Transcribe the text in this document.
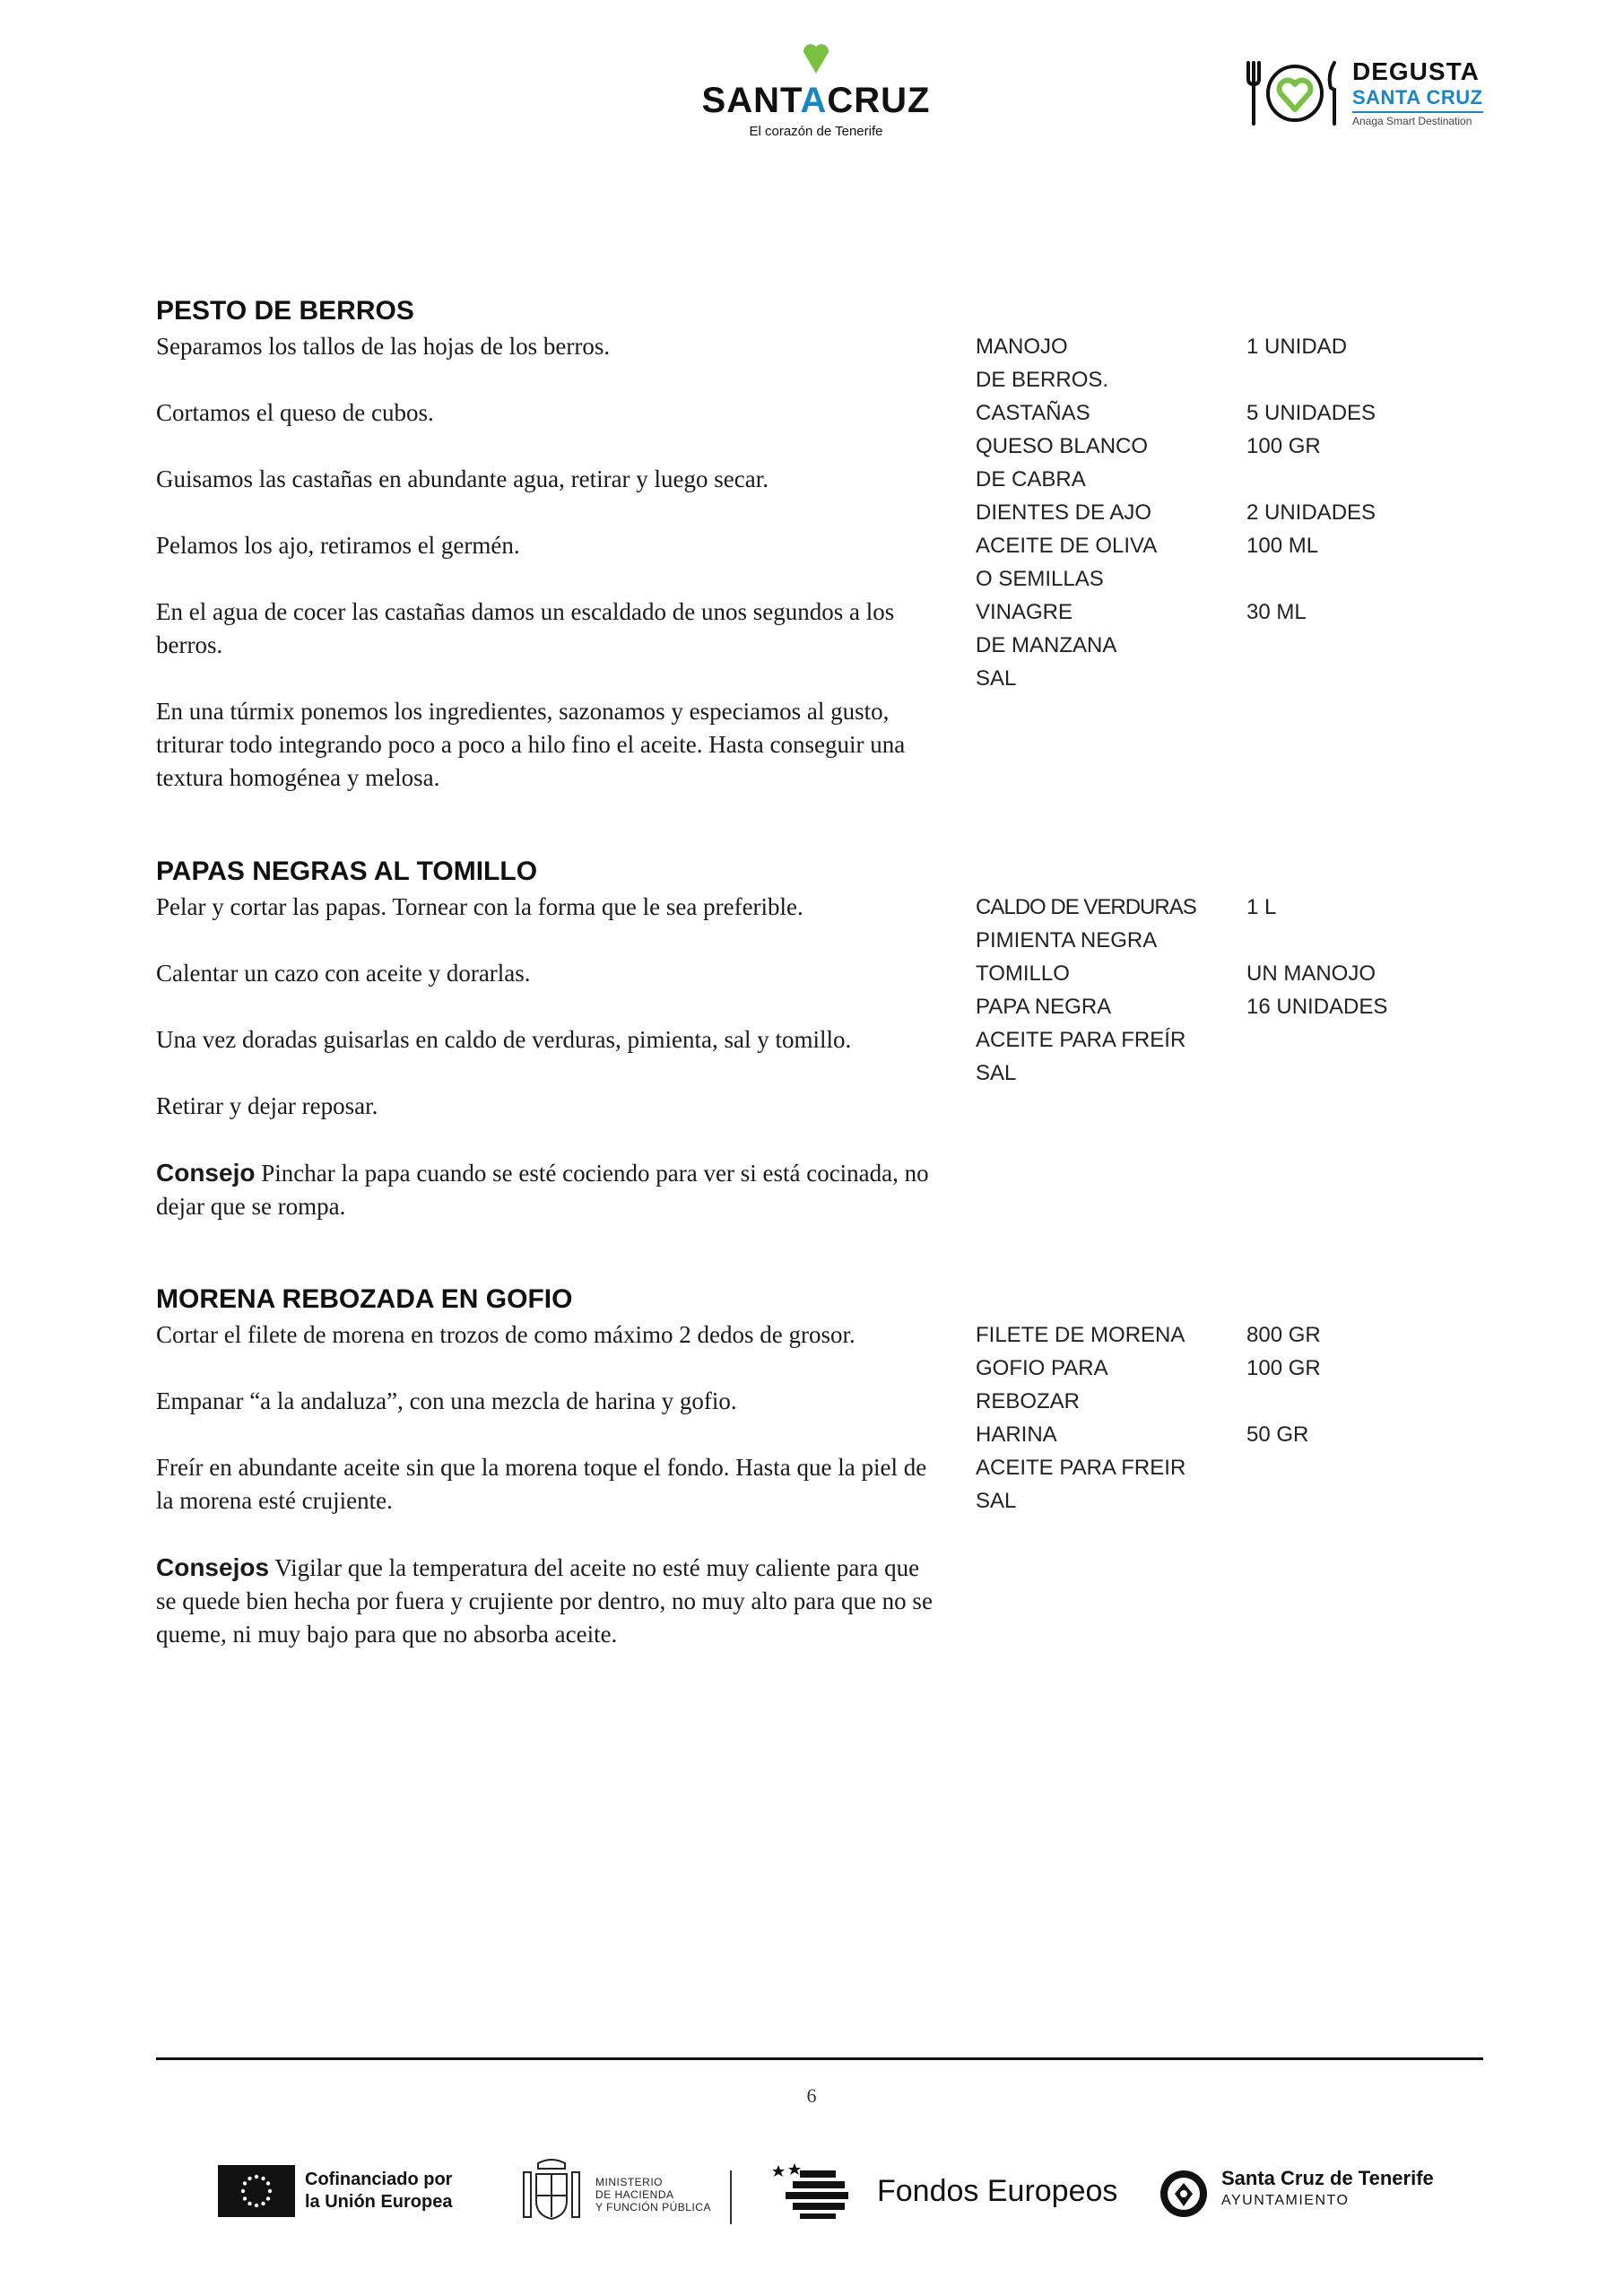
SANTACRUZ
El corazón de Tenerife
DEGUSTA
SANTA CRUZ
Anaga Smart Destination
PESTO DE BERROS

Separamos los tallos de las hojas de los berros.

Cortamos el queso de cubos.

Guisamos las castañas en abundante agua, retirar y luego secar.

Pelamos los ajo, retiramos el germén.

En el agua de cocer las castañas damos un escaldado de unos segundos a los berros.

En una túrmix ponemos los ingredientes, sazonamos y especiamos al gusto, triturar todo integrando poco a poco a hilo fino el aceite. Hasta conseguir una textura homogénea y melosa.

MANOJO	1 UNIDAD
DE BERROS.
CASTAÑAS	5 UNIDADES
QUESO BLANCO	100 GR
DE CABRA
DIENTES DE AJO	2 UNIDADES
ACEITE DE OLIVA	100 ML
O SEMILLAS
VINAGRE	30 ML
DE MANZANA
SAL
PAPAS NEGRAS AL TOMILLO

Pelar y cortar las papas. Tornear con la forma que le sea preferible.

Calentar un cazo con aceite y dorarlas.

Una vez doradas guisarlas en caldo de verduras, pimienta, sal y tomillo.

Retirar y dejar reposar.

Consejo Pinchar la papa cuando se esté cociendo para ver si está cocinada, no dejar que se rompa.

CALDO DE VERDURAS	1 L
PIMIENTA NEGRA
TOMILLO	UN MANOJO
PAPA NEGRA	16 UNIDADES
ACEITE PARA FREÍR
SAL
MORENA REBOZADA EN GOFIO

Cortar el filete de morena en trozos de como máximo 2 dedos de grosor.

Empanar “a la andaluza”, con una mezcla de harina y gofio.

Freír en abundante aceite sin que la morena toque el fondo. Hasta que la piel de la morena esté crujiente.

Consejos Vigilar que la temperatura del aceite no esté muy caliente para que se quede bien hecha por fuera y crujiente por dentro, no muy alto para que no se queme, ni muy bajo para que no absorba aceite.

FILETE DE MORENA	800 GR
GOFIO PARA	100 GR
REBOZAR
HARINA	50 GR
ACEITE PARA FREIR
SAL
6
Cofinanciado por
la Unión Europea
MINISTERIO
DE HACIENDA
Y FUNCIÓN PÚBLICA	Fondos Europeos	Santa Cruz de Tenerife
AYUNTAMIENTO
